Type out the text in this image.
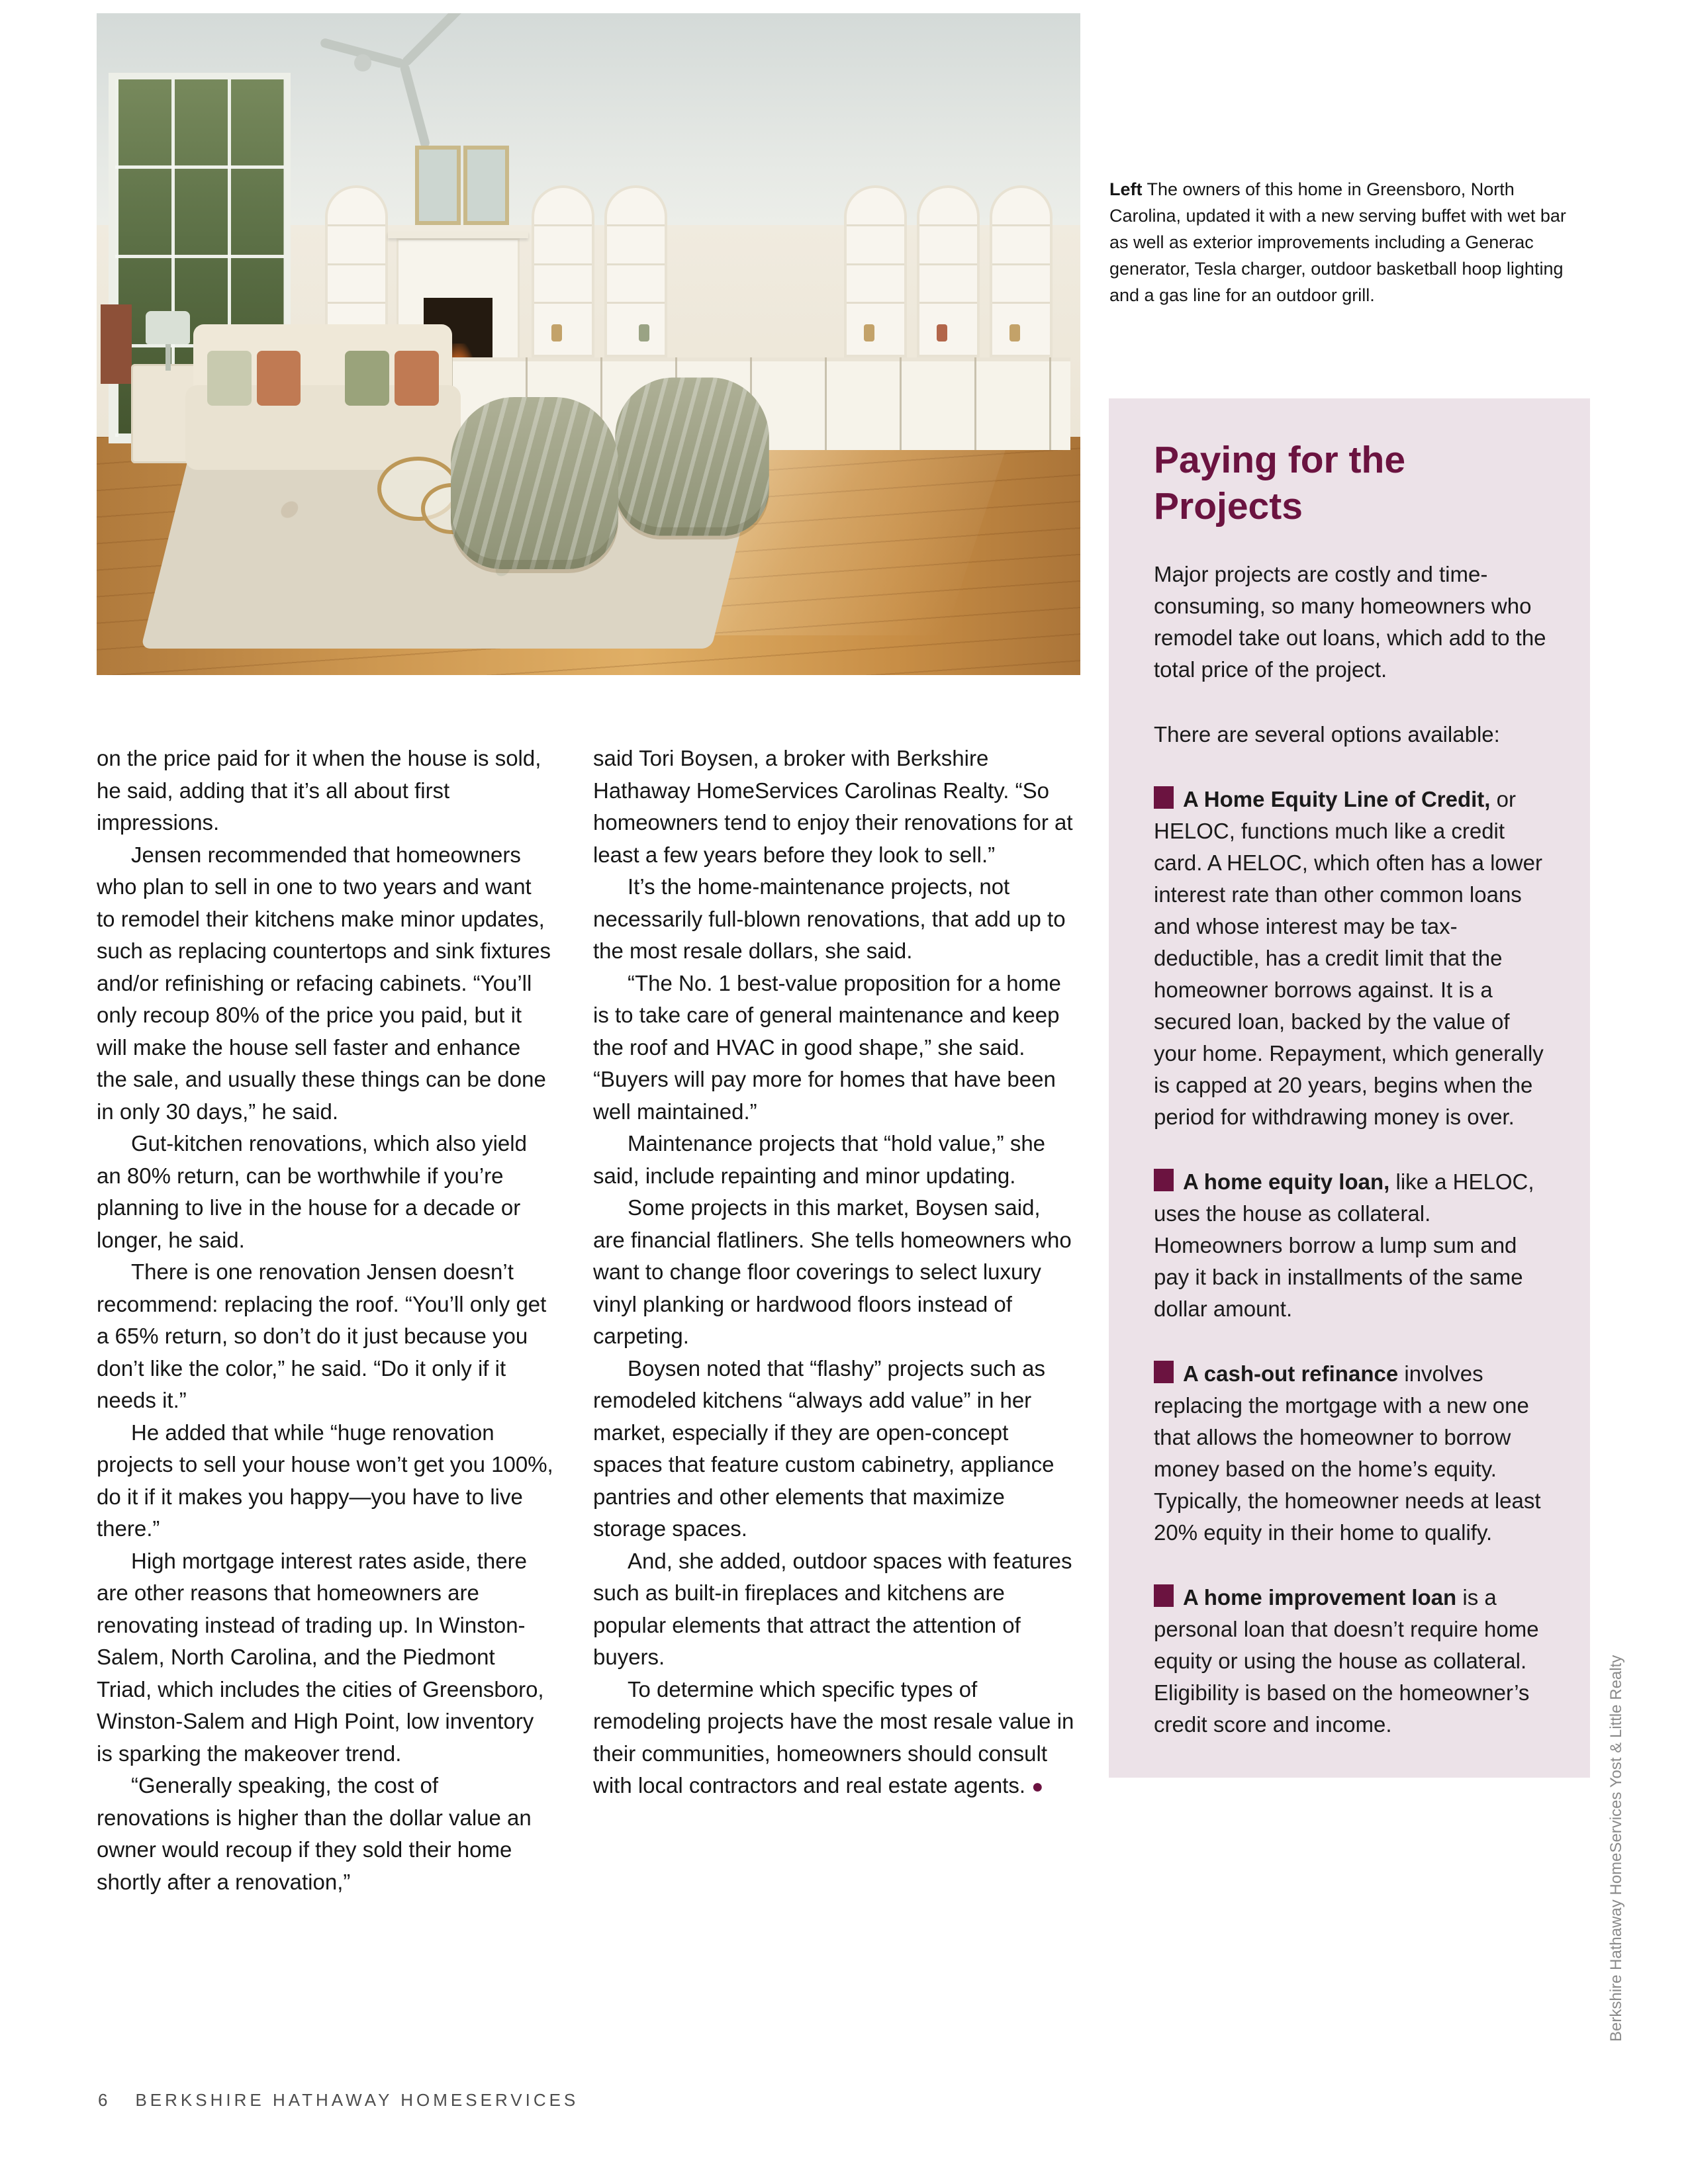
Left The owners of this home in Greensboro, North Carolina, updated it with a new serving buffet with wet bar as well as exterior improvements including a Generac generator, Tesla charger, outdoor basketball hoop lighting and a gas line for an outdoor grill.
Paying for the Projects

Major projects are costly and time-consuming, so many homeowners who remodel take out loans, which add to the total price of the project.

There are several options available:

A Home Equity Line of Credit, or HELOC, functions much like a credit card. A HELOC, which often has a lower interest rate than other common loans and whose interest may be tax-deductible, has a credit limit that the homeowner borrows against. It is a secured loan, backed by the value of your home. Repayment, which generally is capped at 20 years, begins when the period for withdrawing money is over.

A home equity loan, like a HELOC, uses the house as collateral. Homeowners borrow a lump sum and pay it back in installments of the same dollar amount.

A cash-out refinance involves replacing the mortgage with a new one that allows the homeowner to borrow money based on the home’s equity. Typically, the homeowner needs at least 20% equity in their home to qualify.

A home improvement loan is a personal loan that doesn’t require home equity or using the house as collateral. Eligibility is based on the homeowner’s credit score and income.

on the price paid for it when the house is sold, he said, adding that it’s all about first impressions.

Jensen recommended that homeowners who plan to sell in one to two years and want to remodel their kitchens make minor updates, such as replacing countertops and sink fixtures and/or refinishing or refacing cabinets. “You’ll only recoup 80% of the price you paid, but it will make the house sell faster and enhance the sale, and usually these things can be done in only 30 days,” he said.

Gut-kitchen renovations, which also yield an 80% return, can be worthwhile if you’re planning to live in the house for a decade or longer, he said.

There is one renovation Jensen doesn’t recommend: replacing the roof. “You’ll only get a 65% return, so don’t do it just because you don’t like the color,” he said. “Do it only if it needs it.”

He added that while “huge renovation projects to sell your house won’t get you 100%, do it if it makes you happy—you have to live there.”

High mortgage interest rates aside, there are other reasons that homeowners are renovating instead of trading up. In Winston-Salem, North Carolina, and the Piedmont Triad, which includes the cities of Greensboro, Winston-Salem and High Point, low inventory is sparking the makeover trend.

“Generally speaking, the cost of renovations is higher than the dollar value an owner would recoup if they sold their home shortly after a renovation,”

said Tori Boysen, a broker with Berkshire Hathaway HomeServices Carolinas Realty. “So homeowners tend to enjoy their renovations for at least a few years before they look to sell.”

It’s the home-maintenance projects, not necessarily full-blown renovations, that add up to the most resale dollars, she said.

“The No. 1 best-value proposition for a home is to take care of general maintenance and keep the roof and HVAC in good shape,” she said. “Buyers will pay more for homes that have been well maintained.”

Maintenance projects that “hold value,” she said, include repainting and minor updating.

Some projects in this market, Boysen said, are financial flatliners. She tells homeowners who want to change floor coverings to select luxury vinyl planking or hardwood floors instead of carpeting.

Boysen noted that “flashy” projects such as remodeled kitchens “always add value” in her market, especially if they are open-concept spaces that feature custom cabinetry, appliance pantries and other elements that maximize storage spaces.

And, she added, outdoor spaces with features such as built-in fireplaces and kitchens are popular elements that attract the attention of buyers.

To determine which specific types of remodeling projects have the most resale value in their communities, homeowners should consult with local contractors and real estate agents. ●

6 BERKSHIRE HATHAWAY HOMESERVICES
Berkshire Hathaway HomeServices Yost & Little Realty
